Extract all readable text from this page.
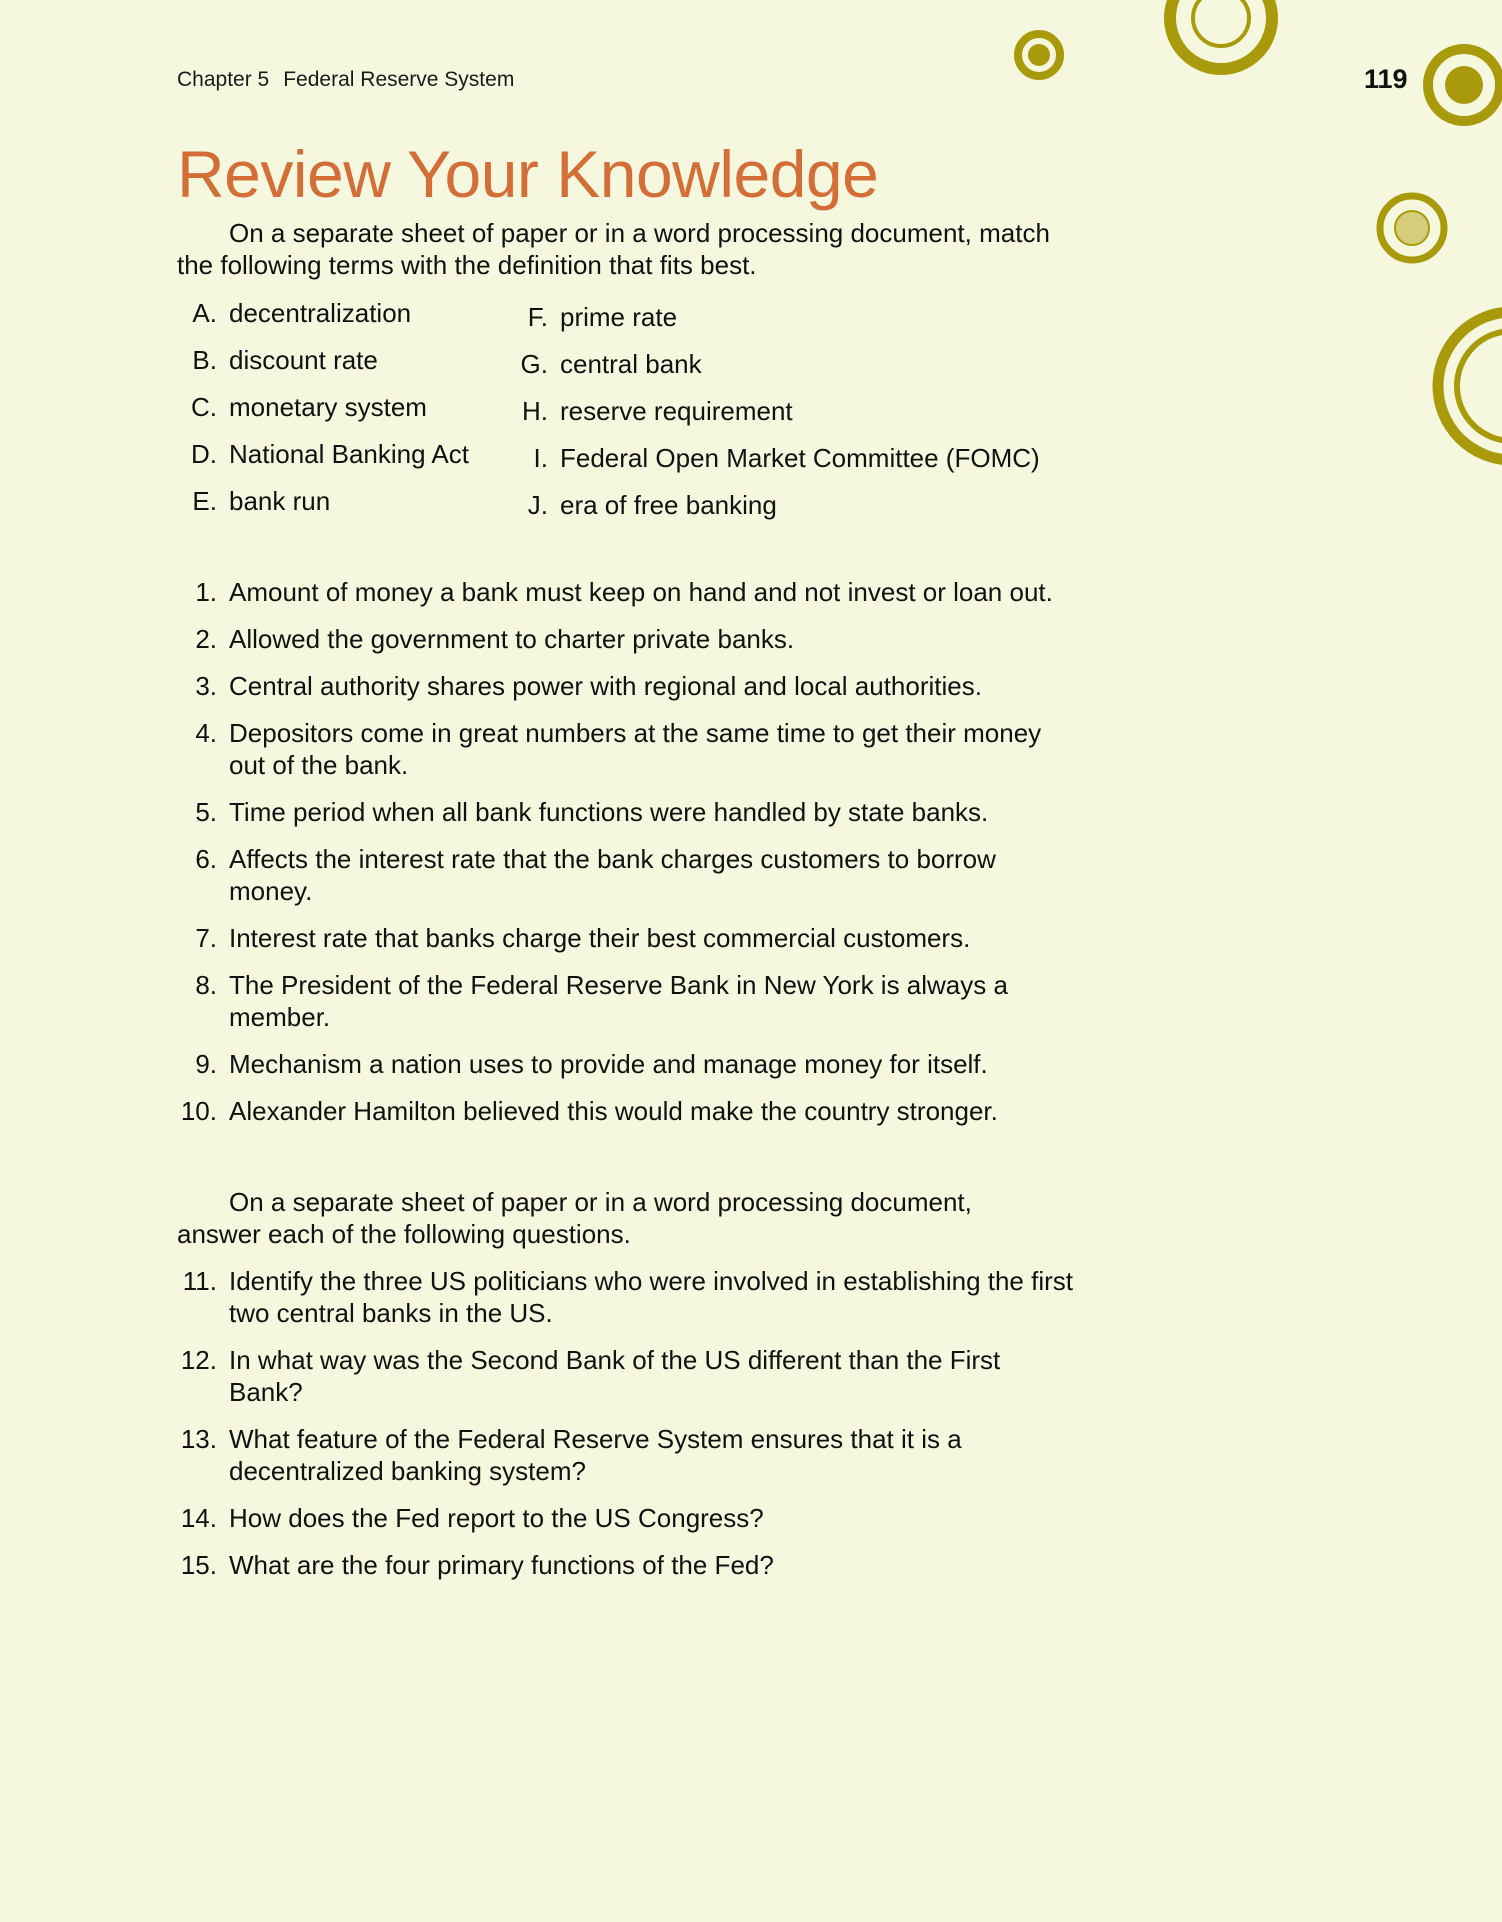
Chapter 5 Federal Reserve System	119
Review Your Knowledge

On a separate sheet of paper or in a word processing document, match the following terms with the definition that fits best.

A. decentralization
B. discount rate
C. monetary system
D. National Banking Act
E. bank run
F. prime rate
G. central bank
H. reserve requirement
I. Federal Open Market Committee (FOMC)
J. era of free banking
1. Amount of money a bank must keep on hand and not invest or loan out.
2. Allowed the government to charter private banks.
3. Central authority shares power with regional and local authorities.
4. Depositors come in great numbers at the same time to get their money out of the bank.
5. Time period when all bank functions were handled by state banks.
6. Affects the interest rate that the bank charges customers to borrow money.
7. Interest rate that banks charge their best commercial customers.
8. The President of the Federal Reserve Bank in New York is always a member.
9. Mechanism a nation uses to provide and manage money for itself.
10. Alexander Hamilton believed this would make the country stronger.

On a separate sheet of paper or in a word processing document, answer each of the following questions.

11. Identify the three US politicians who were involved in establishing the first two central banks in the US.
12. In what way was the Second Bank of the US different than the First Bank?
13. What feature of the Federal Reserve System ensures that it is a decentralized banking system?
14. How does the Fed report to the US Congress?
15. What are the four primary functions of the Fed?
